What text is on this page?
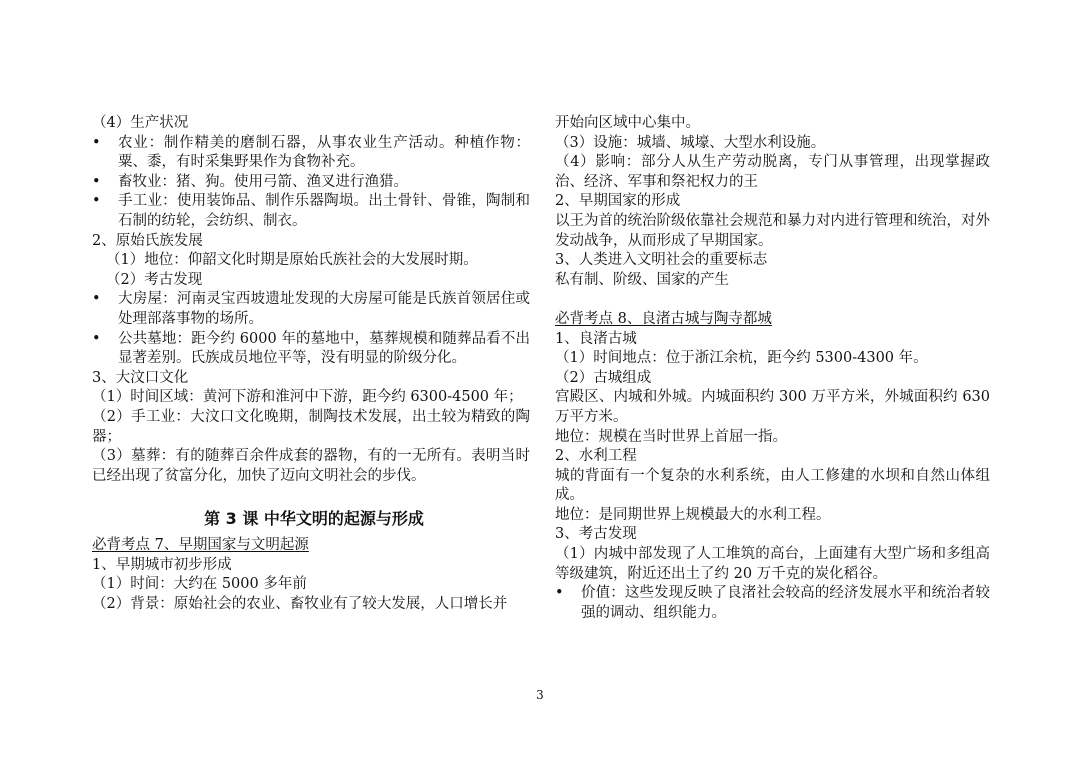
（4）生产状况
•	农业：制作精美的磨制石器，从事农业生产活动。种植作物：粟、黍，有时采集野果作为食物补充。
•	畜牧业：猪、狗。使用弓箭、渔叉进行渔猎。
•	手工业：使用装饰品、制作乐器陶埙。出土骨针、骨锥，陶制和石制的纺轮，会纺织、制衣。
2、原始氏族发展
（1）地位：仰韶文化时期是原始氏族社会的大发展时期。
（2）考古发现
•	大房屋：河南灵宝西坡遗址发现的大房屋可能是氏族首领居住或处理部落事物的场所。
•	公共墓地：距今约 6000 年的墓地中，墓葬规模和随葬品看不出显著差别。氏族成员地位平等，没有明显的阶级分化。
3、大汶口文化
（1）时间区域：黄河下游和淮河中下游，距今约 6300-4500 年；
（2）手工业：大汶口文化晚期，制陶技术发展，出土较为精致的陶器；
（3）墓葬：有的随葬百余件成套的器物，有的一无所有。表明当时已经出现了贫富分化，加快了迈向文明社会的步伐。
第 3 课 中华文明的起源与形成
必背考点 7、早期国家与文明起源
1、早期城市初步形成
（1）时间：大约在 5000 多年前
（2）背景：原始社会的农业、畜牧业有了较大发展，人口增长并
开始向区域中心集中。
（3）设施：城墙、城壕、大型水利设施。
（4）影响：部分人从生产劳动脱离，专门从事管理，出现掌握政治、经济、军事和祭祀权力的王
2、早期国家的形成
以王为首的统治阶级依靠社会规范和暴力对内进行管理和统治，对外发动战争，从而形成了早期国家。
3、人类进入文明社会的重要标志
私有制、阶级、国家的产生
必背考点 8、良渚古城与陶寺都城
1、良渚古城
（1）时间地点：位于浙江余杭，距今约 5300-4300 年。
（2）古城组成
宫殿区、内城和外城。内城面积约 300 万平方米，外城面积约 630 万平方米。
地位：规模在当时世界上首屈一指。
2、水利工程
城的背面有一个复杂的水利系统，由人工修建的水坝和自然山体组成。
地位：是同期世界上规模最大的水利工程。
3、考古发现
（1）内城中部发现了人工堆筑的高台，上面建有大型广场和多组高等级建筑，附近还出土了约 20 万千克的炭化稻谷。
•	价值：这些发现反映了良渚社会较高的经济发展水平和统治者较强的调动、组织能力。
3
